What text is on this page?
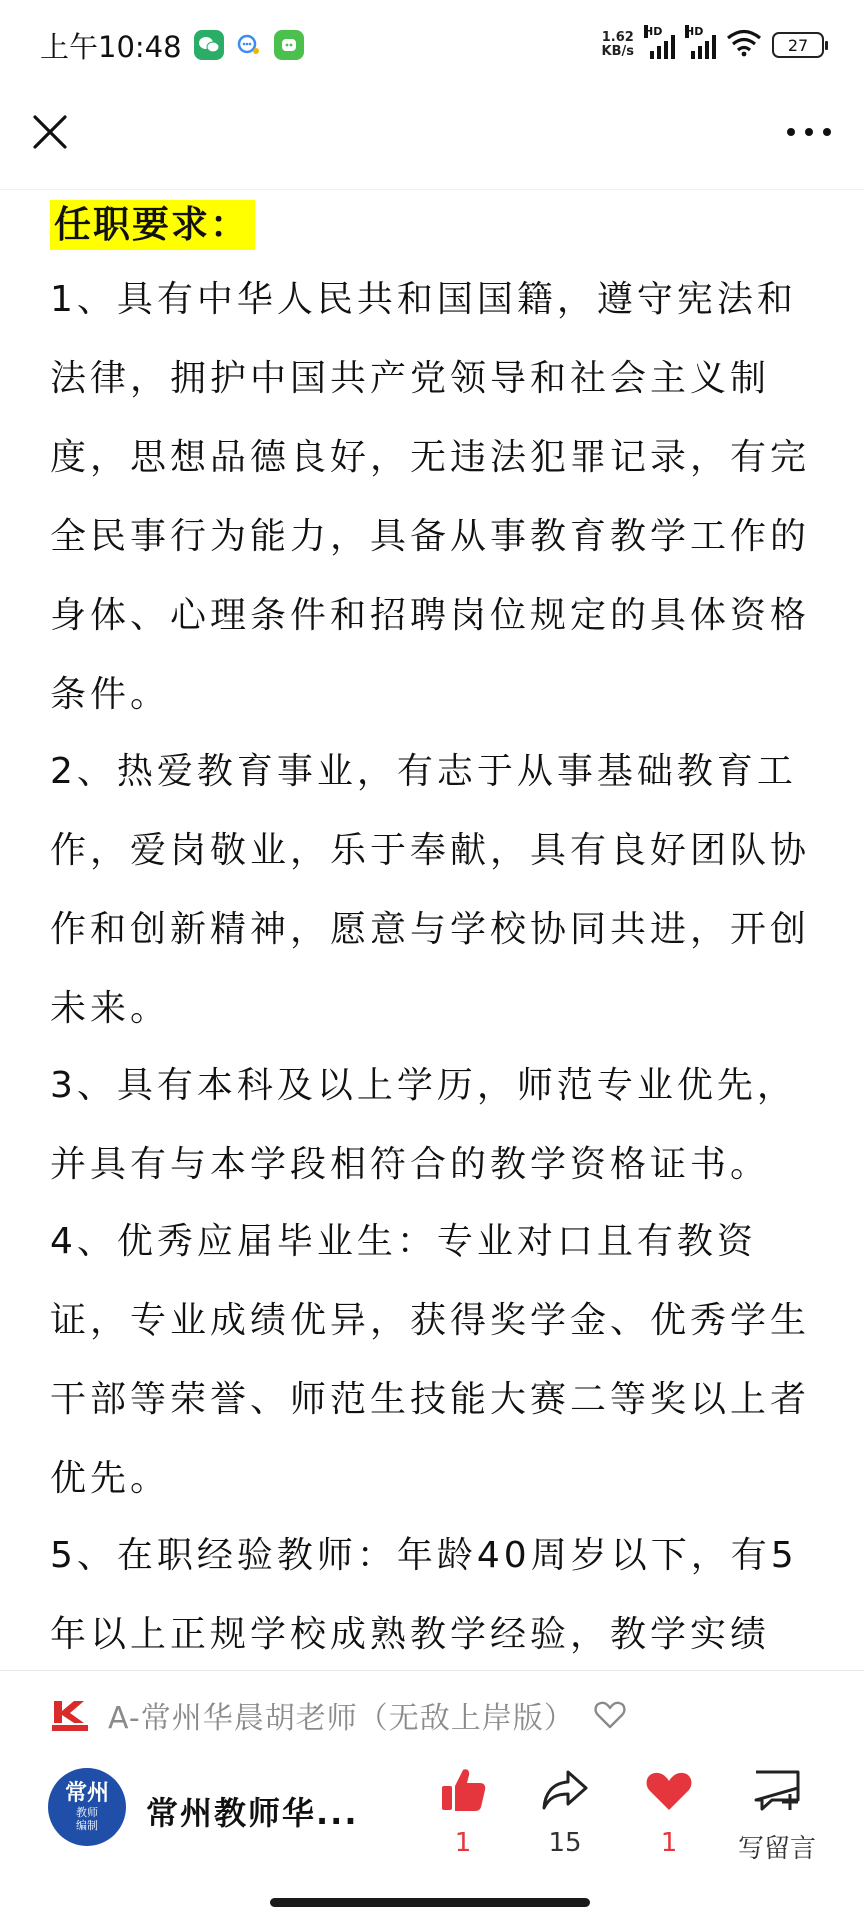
上午10:48	1.62
KB/s
HD HD
27
任职要求：

1、具有中华人民共和国国籍，遵守宪法和法律，拥护中国共产党领导和社会主义制度，思想品德良好，无违法犯罪记录，有完全民事行为能力，具备从事教育教学工作的身体、心理条件和招聘岗位规定的具体资格条件。

2、热爱教育事业，有志于从事基础教育工作，爱岗敬业，乐于奉献，具有良好团队协作和创新精神，愿意与学校协同共进，开创未来。

3、具有本科及以上学历，师范专业优先，并具有与本学段相符合的教学资格证书。

4、优秀应届毕业生：专业对口且有教资证，专业成绩优异，获得奖学金、优秀学生干部等荣誉、师范生技能大赛二等奖以上者优先。

5、在职经验教师：年龄40周岁以下，有5年以上正规学校成熟教学经验，教学实绩

A-常州华晨胡老师（无敌上岸版）
常州
教师
编制 常州教师华...
1	15	1 写留言
